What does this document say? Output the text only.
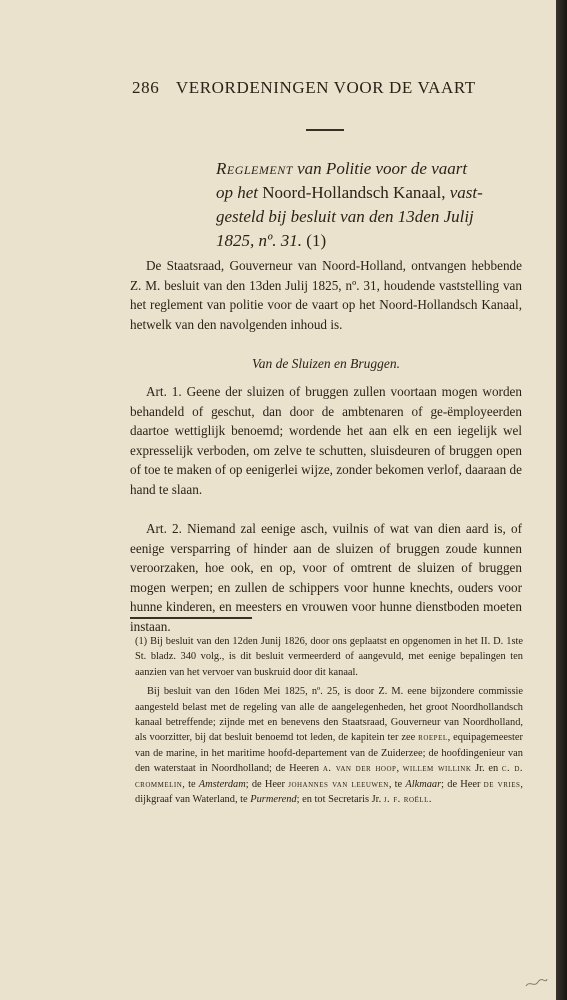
286 VERORDENINGEN VOOR DE VAART
Reglement van Politie voor de vaart
op het Noord-Hollandsch Kanaal, vast-
gesteld bij besluit van den 13den Julij
1825, nº. 31. (1)
De Staatsraad, Gouverneur van Noord-Holland, ontvangen hebbende Z. M. besluit van den 13den Julij 1825, nº. 31, houdende vaststelling van het reglement van politie voor de vaart op het Noord-Hollandsch Kanaal, hetwelk van den navolgenden inhoud is.
Van de Sluizen en Bruggen.
Art. 1. Geene der sluizen of bruggen zullen voortaan mogen worden behandeld of geschut, dan door de ambtenaren of ge-ëmployeerden daartoe wettiglijk benoemd; wordende het aan elk en een iegelijk wel expresselijk verboden, om zelve te schutten, sluisdeuren of bruggen open of toe te maken of op eenigerlei wijze, zonder bekomen verlof, daaraan de hand te slaan.
Art. 2. Niemand zal eenige asch, vuilnis of wat van dien aard is, of eenige versparring of hinder aan de sluizen of bruggen zoude kunnen veroorzaken, hoe ook, en op, voor of omtrent de sluizen of bruggen mogen werpen; en zullen de schippers voor hunne knechts, ouders voor hunne kinderen, en meesters en vrouwen voor hunne dienstboden moeten instaan.

(1) Bij besluit van den 12den Junij 1826, door ons geplaatst en opgenomen in het II. D. 1ste St. bladz. 340 volg., is dit besluit vermeerderd of aangevuld, met eenige bepalingen ten aanzien van het vervoer van buskruid door dit kanaal.

Bij besluit van den 16den Mei 1825, nº. 25, is door Z. M. eene bijzondere commissie aangesteld belast met de regeling van alle de aangelegenheden, het groot Noordhollandsch kanaal betreffende; zijnde met en benevens den Staatsraad, Gouverneur van Noordholland, als voorzitter, bij dat besluit benoemd tot leden, de kapitein ter zee roepel, equipagemeester van de marine, in het maritime hoofd-departement van de Zuiderzee; de hoofdingenieur van den waterstaat in Noordholland; de Heeren a. van der hoop, willem willink Jr. en c. d. crommelin, te Amsterdam; de Heer johannes van leeuwen, te Alkmaar; de Heer de vries, dijkgraaf van Waterland, te Purmerend; en tot Secretaris Jr. j. f. roëll.
